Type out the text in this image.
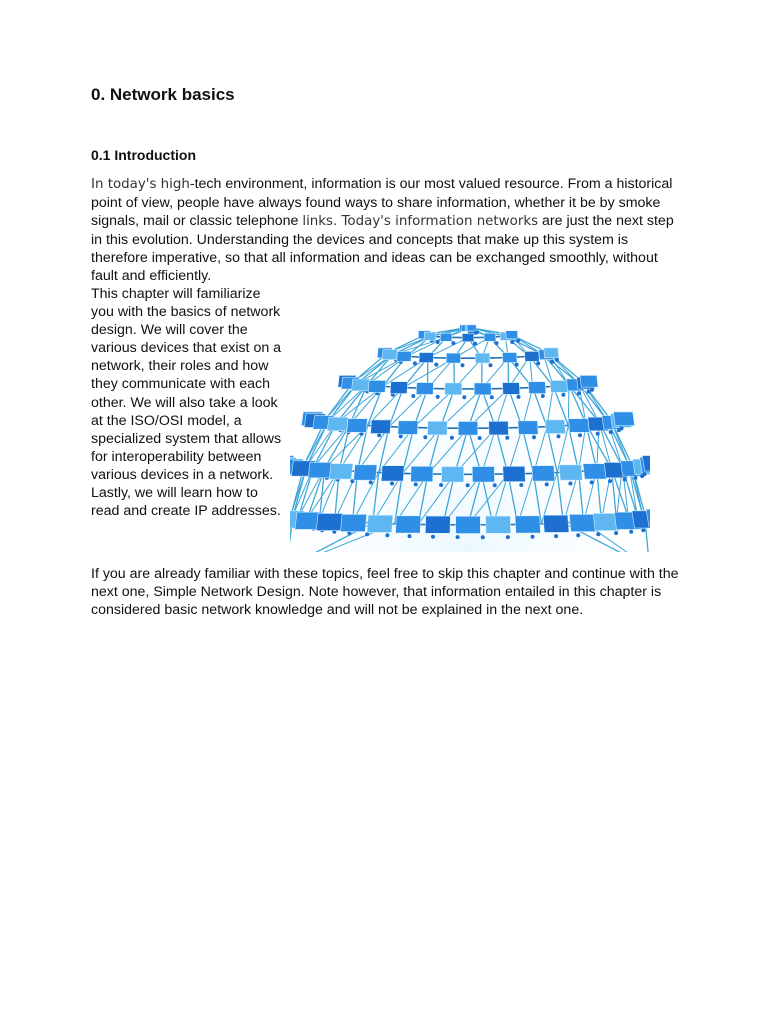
0. Network basics
0.1 Introduction

In today's high-tech environment, information is our most valued resource. From a historical point of view, people have always found ways to share information, whether it be by smoke signals, mail or classic telephone links. Today's information networks are just the next step in this evolution. Understanding the devices and concepts that make up this system is therefore imperative, so that all information and ideas can be exchanged smoothly, without fault and efficiently.

This chapter will familiarize you with the basics of network design. We will cover the various devices that exist on a network, their roles and how they communicate with each other. We will also take a look at the ISO/OSI model, a specialized system that allows for interoperability between various devices in a network. Lastly, we will learn how to read and create IP addresses.

If you are already familiar with these topics, feel free to skip this chapter and continue with the next one, Simple Network Design. Note however, that information entailed in this chapter is considered basic network knowledge and will not be explained in the next one.
